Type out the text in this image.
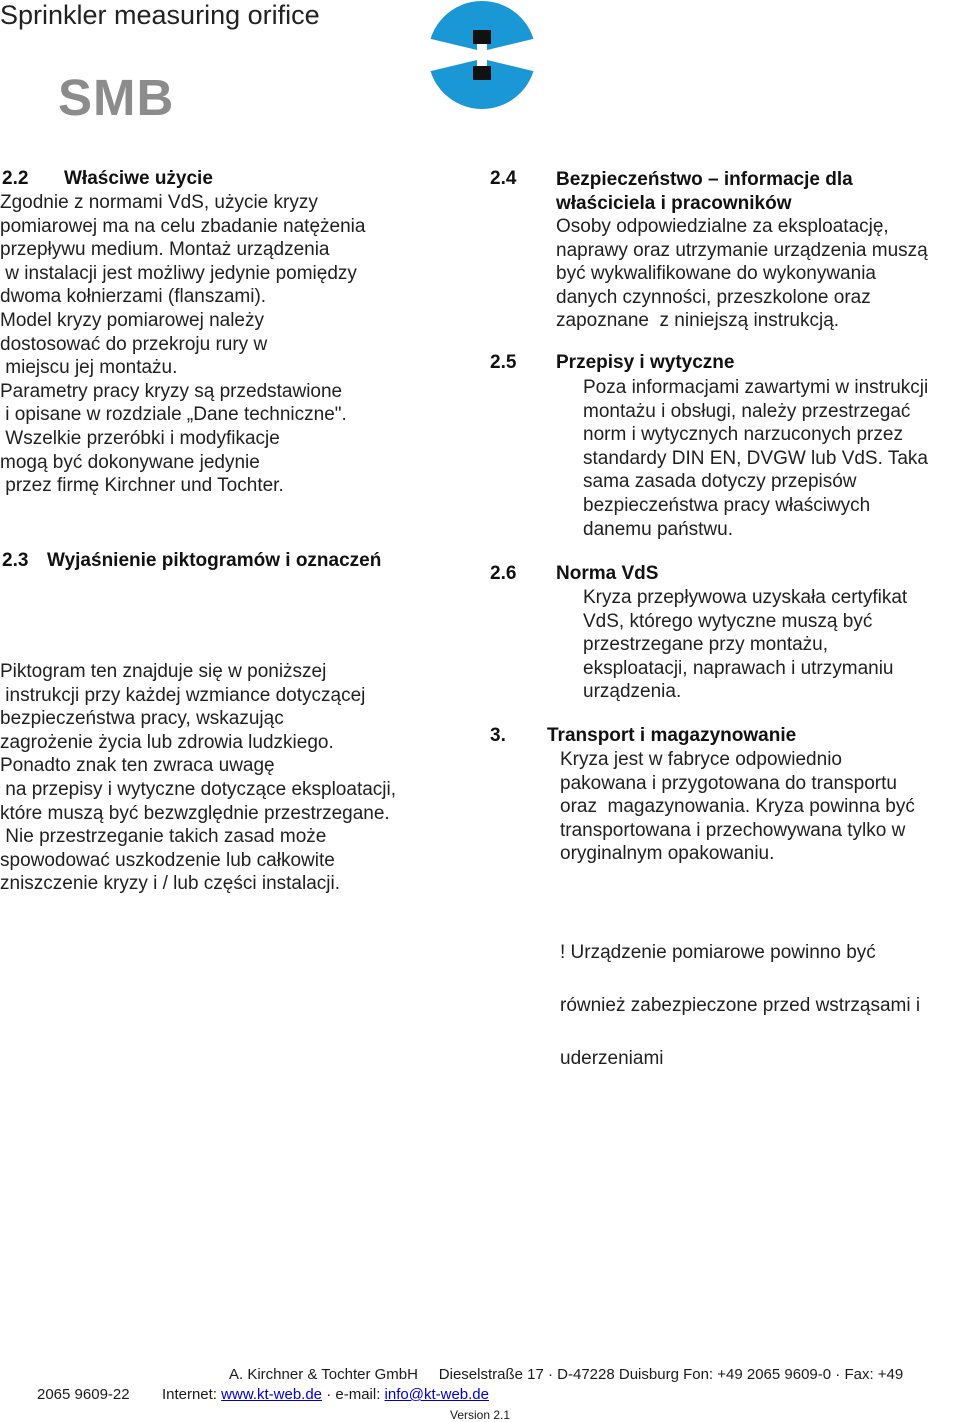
Sprinkler measuring orifice
SMB
2.2 Właściwe użycie
Zgodnie z normami VdS, użycie kryzy
pomiarowej ma na celu zbadanie natężenia
przepływu medium. Montaż urządzenia
w instalacji jest możliwy jedynie pomiędzy
dwoma kołnierzami (flanszami).
Model kryzy pomiarowej należy
dostosować do przekroju rury w
miejscu jej montażu.
Parametry pracy kryzy są przedstawione
i opisane w rozdziale „Dane techniczne".
Wszelkie przeróbki i modyfikacje
mogą być dokonywane jedynie
przez firmę Kirchner und Tochter.
2.3 Wyjaśnienie piktogramów i oznaczeń
Piktogram ten znajduje się w poniższej
instrukcji przy każdej wzmiance dotyczącej
bezpieczeństwa pracy, wskazując
zagrożenie życia lub zdrowia ludzkiego.
Ponadto znak ten zwraca uwagę
na przepisy i wytyczne dotyczące eksploatacji,
które muszą być bezwzględnie przestrzegane.
Nie przestrzeganie takich zasad może
spowodować uszkodzenie lub całkowite
zniszczenie kryzy i / lub części instalacji.
2.4 Bezpieczeństwo – informacje dla
właściciela i pracowników
Osoby odpowiedzialne za eksploatację,
naprawy oraz utrzymanie urządzenia muszą
być wykwalifikowane do wykonywania
danych czynności, przeszkolone oraz
zapoznane  z niniejszą instrukcją.
2.5 Przepisy i wytyczne
Poza informacjami zawartymi w instrukcji
montażu i obsługi, należy przestrzegać
norm i wytycznych narzuconych przez
standardy DIN EN, DVGW lub VdS. Taka
sama zasada dotyczy przepisów
bezpieczeństwa pracy właściwych
danemu państwu.
2.6 Norma VdS
Kryza przepływowa uzyskała certyfikat
VdS, którego wytyczne muszą być
przestrzegane przy montażu,
eksploatacji, naprawach i utrzymaniu
urządzenia.
3. Transport i magazynowanie
Kryza jest w fabryce odpowiednio
pakowana i przygotowana do transportu
oraz  magazynowania. Kryza powinna być
transportowana i przechowywana tylko w
oryginalnym opakowaniu.
! Urządzenie pomiarowe powinno być
również zabezpieczone przed wstrząsami i
uderzeniami
A. Kirchner & Tochter GmbH     Dieselstraße 17 · D-47228 Duisburg Fon: +49 2065 9609-0 · Fax: +49
2065 9609-22 Internet: www.kt-web.de · e-mail: info@kt-web.de
Version 2.1
